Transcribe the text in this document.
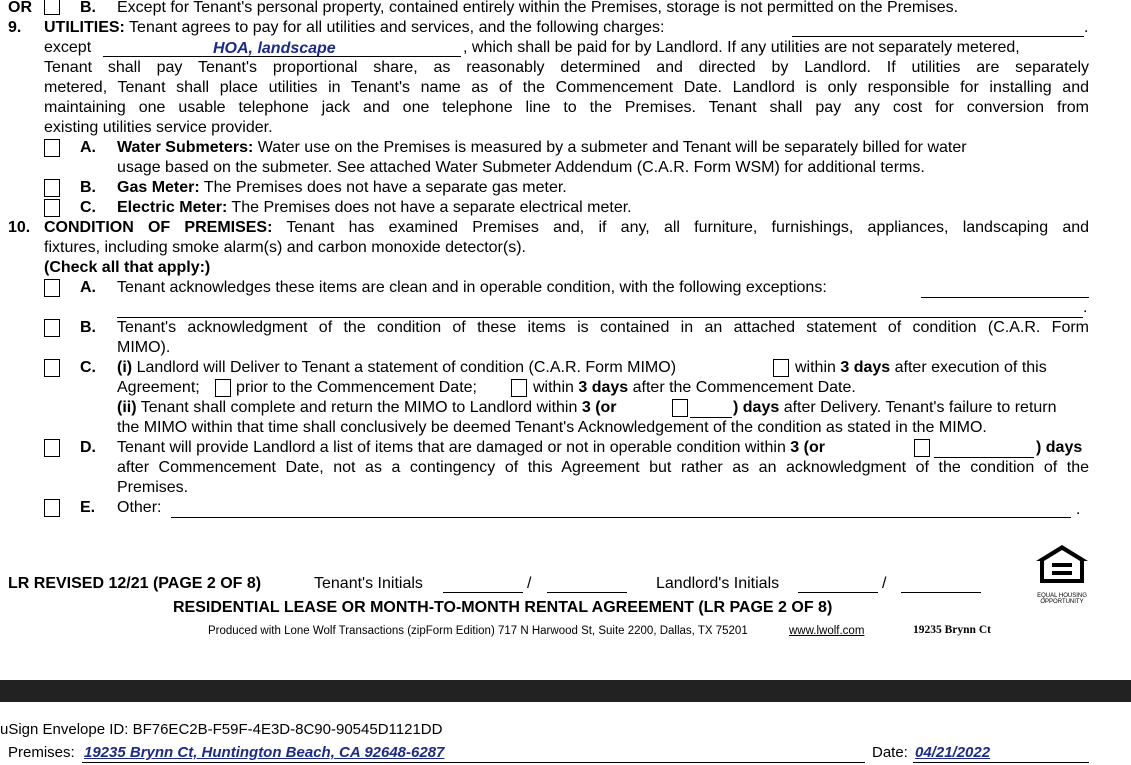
OR	B. Except for Tenant's personal property, contained entirely within the Premises, storage is not permitted on the Premises.
9. UTILITIES: Tenant agrees to pay for all utilities and services, and the following charges:	.
except	HOA, landscape	, which shall be paid for by Landlord. If any utilities are not separately metered,
Tenant shall pay Tenant's proportional share, as reasonably determined and directed by Landlord. If utilities are separately
metered, Tenant shall place utilities in Tenant's name as of the Commencement Date. Landlord is only responsible for installing and
maintaining one usable telephone jack and one telephone line to the Premises. Tenant shall pay any cost for conversion from
existing utilities service provider.
A. Water Submeters: Water use on the Premises is measured by a submeter and Tenant will be separately billed for water
usage based on the submeter. See attached Water Submeter Addendum (C.A.R. Form WSM) for additional terms.
B. Gas Meter: The Premises does not have a separate gas meter.
C. Electric Meter: The Premises does not have a separate electrical meter.
10. CONDITION OF PREMISES: Tenant has examined Premises and, if any, all furniture, furnishings, appliances, landscaping and
fixtures, including smoke alarm(s) and carbon monoxide detector(s).
(Check all that apply:)
A. Tenant acknowledges these items are clean and in operable condition, with the following exceptions:
.
B. Tenant's acknowledgment of the condition of these items is contained in an attached statement of condition (C.A.R. Form
MIMO).
C. (i) Landlord will Deliver to Tenant a statement of condition (C.A.R. Form MIMO)	within 3 days after execution of this
Agreement; prior to the Commencement Date;	within 3 days after the Commencement Date.
(ii) Tenant shall complete and return the MIMO to Landlord within 3 (or	) days after Delivery. Tenant's failure to return
the MIMO within that time shall conclusively be deemed Tenant's Acknowledgement of the condition as stated in the MIMO.
D. Tenant will provide Landlord a list of items that are damaged or not in operable condition within 3 (or	) days
after Commencement Date, not as a contingency of this Agreement but rather as an acknowledgment of the condition of the
Premises.
E. Other:	.
LR REVISED 12/21 (PAGE 2 OF 8)	Tenant's Initials	/	Landlord's Initials	/
RESIDENTIAL LEASE OR MONTH-TO-MONTH RENTAL AGREEMENT (LR PAGE 2 OF 8)
Produced with Lone Wolf Transactions (zipForm Edition) 717 N Harwood St, Suite 2200, Dallas, TX 75201	www.lwolf.com	19235 Brynn Ct
EQUAL HOUSING
OPPORTUNITY
uSign Envelope ID: BF76EC2B-F59F-4E3D-8C90-90545D1121DD
Premises: 19235 Brynn Ct, Huntington Beach, CA 92648-6287	Date: 04/21/2022
